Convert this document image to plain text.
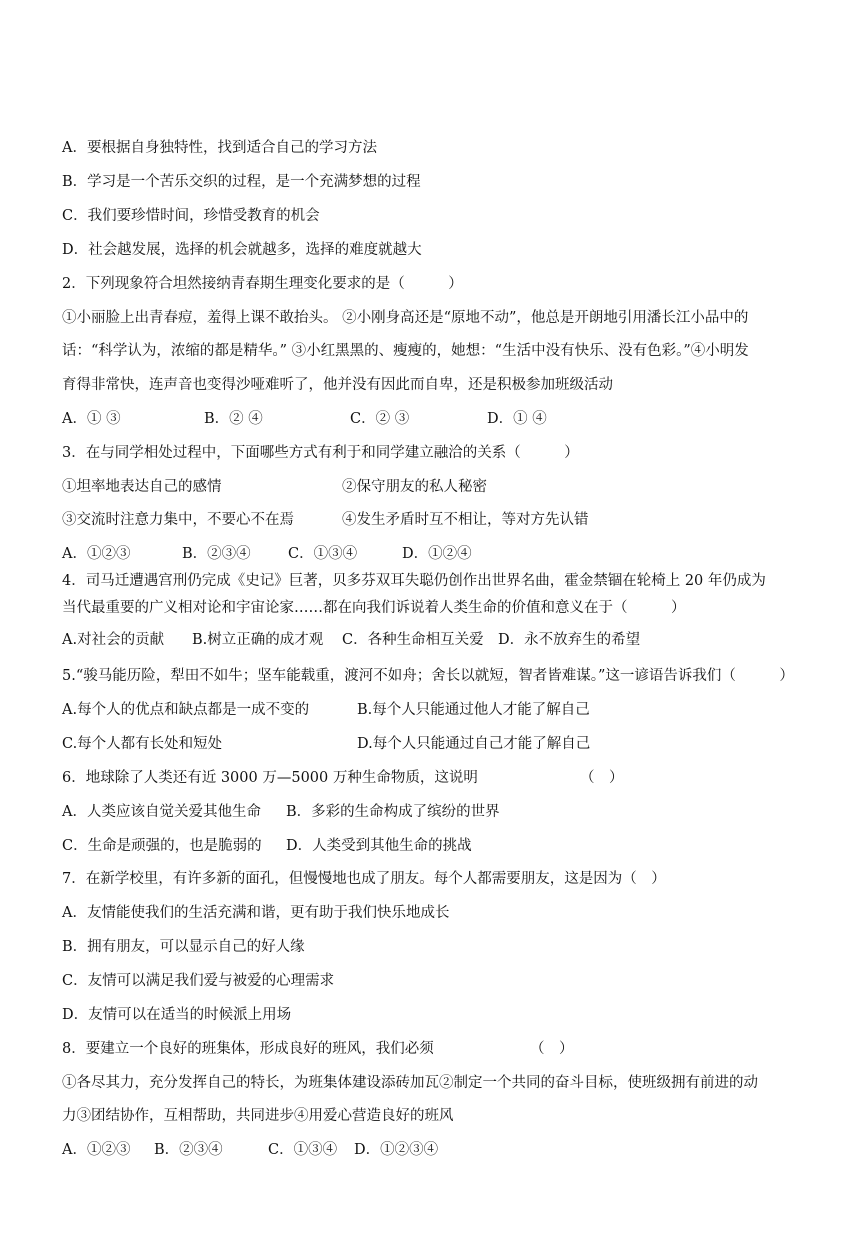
A．要根据自身独特性，找到适合自己的学习方法
B．学习是一个苦乐交织的过程，是一个充满梦想的过程
C．我们要珍惜时间，珍惜受教育的机会
D．社会越发展，选择的机会就越多，选择的难度就越大
2．下列现象符合坦然接纳青春期生理变化要求的是（　　　）
①小丽脸上出青春痘，羞得上课不敢抬头。 ②小刚身高还是“原地不动”，他总是开朗地引用潘长江小品中的
话：“科学认为，浓缩的都是精华。” ③小红黑黑的、瘦瘦的，她想：“生活中没有快乐、没有色彩。”④小明发
育得非常快，连声音也变得沙哑难听了，他并没有因此而自卑，还是积极参加班级活动

A．① ③

	B．② ④

	C．② ③

	D．① ④

3．在与同学相处过程中，下面哪些方式有利于和同学建立融洽的关系（　　　）

①坦率地表达自己的感情

	②保守朋友的私人秘密

③交流时注意力集中，不要心不在焉

	④发生矛盾时互不相让，等对方先认错

A．①②③

	B．②③④

	C．①③④

	D．①②④

4．司马迁遭遇宫刑仍完成《史记》巨著，贝多芬双耳失聪仍创作出世界名曲，霍金禁锢在轮椅上 20 年仍成为
当代最重要的广义相对论和宇宙论家……都在向我们诉说着人类生命的价值和意义在于（　　　）

A.对社会的贡献

B.树立正确的成才观

C．各种生命相互关爱

D．永不放弃生的希望

5.“骏马能历险，犁田不如牛；坚车能载重，渡河不如舟；舍长以就短，智者皆难谋。”这一谚语告诉我们（　　　）

A.每个人的优点和缺点都是一成不变的

	B.每个人只能通过他人才能了解自己

C.每个人都有长处和短处

	D.每个人只能通过自己才能了解自己

6．地球除了人类还有近 3000 万—5000 万种生命物质，这说明

	（　）

A．人类应该自觉关爱其他生命

B．多彩的生命构成了缤纷的世界

C．生命是顽强的，也是脆弱的

D．人类受到其他生命的挑战

7．在新学校里，有许多新的面孔，但慢慢地也成了朋友。每个人都需要朋友，这是因为（　）
A．友情能使我们的生活充满和谐，更有助于我们快乐地成长
B．拥有朋友，可以显示自己的好人缘
C．友情可以满足我们爱与被爱的心理需求
D．友情可以在适当的时候派上用场

8．要建立一个良好的班集体，形成良好的班风，我们必须

	（　）

①各尽其力，充分发挥自己的特长，为班集体建设添砖加瓦②制定一个共同的奋斗目标，使班级拥有前进的动
力③团结协作，互相帮助，共同进步④用爱心营造良好的班风

A．①②③

B．②③④

	C．①③④

D．①②③④
